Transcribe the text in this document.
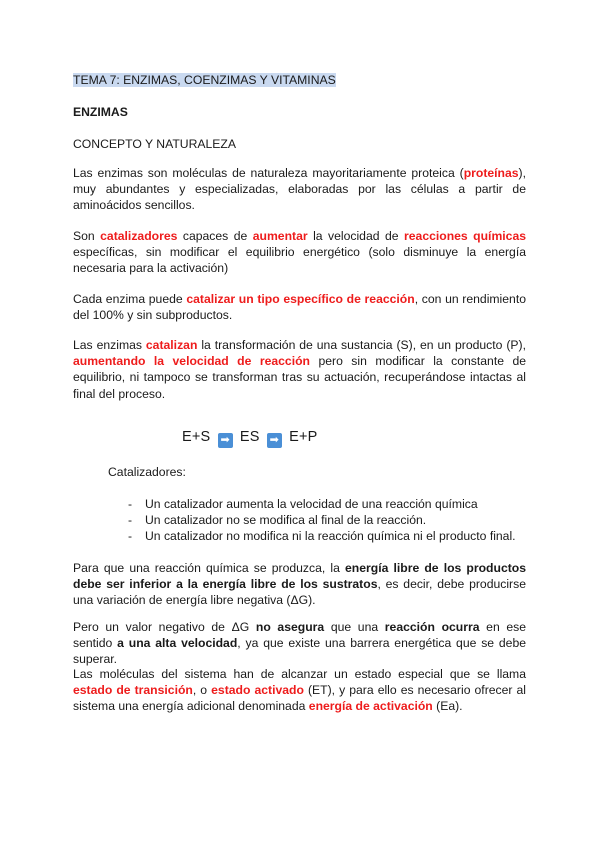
TEMA 7: ENZIMAS, COENZIMAS Y VITAMINAS
ENZIMAS
CONCEPTO Y NATURALEZA
Las enzimas son moléculas de naturaleza mayoritariamente proteica (proteínas), muy abundantes y especializadas, elaboradas por las células a partir de aminoácidos sencillos.
Son catalizadores capaces de aumentar la velocidad de reacciones químicas específicas, sin modificar el equilibrio energético (solo disminuye la energía necesaria para la activación)
Cada enzima puede catalizar un tipo específico de reacción, con un rendimiento del 100% y sin subproductos.
Las enzimas catalizan la transformación de una sustancia (S), en un producto (P), aumentando la velocidad de reacción pero sin modificar la constante de equilibrio, ni tampoco se transforman tras su actuación, recuperándose intactas al final del proceso.
E+S ➡ ES ➡ E+P
Catalizadores:
- Un catalizador aumenta la velocidad de una reacción química
- Un catalizador no se modifica al final de la reacción.
- Un catalizador no modifica ni la reacción química ni el producto final.
Para que una reacción química se produzca, la energía libre de los productos debe ser inferior a la energía libre de los sustratos, es decir, debe producirse una variación de energía libre negativa (ΔG).
Pero un valor negativo de ΔG no asegura que una reacción ocurra en ese sentido a una alta velocidad, ya que existe una barrera energética que se debe superar.
Las moléculas del sistema han de alcanzar un estado especial que se llama estado de transición, o estado activado (ET), y para ello es necesario ofrecer al sistema una energía adicional denominada energía de activación (Ea).
